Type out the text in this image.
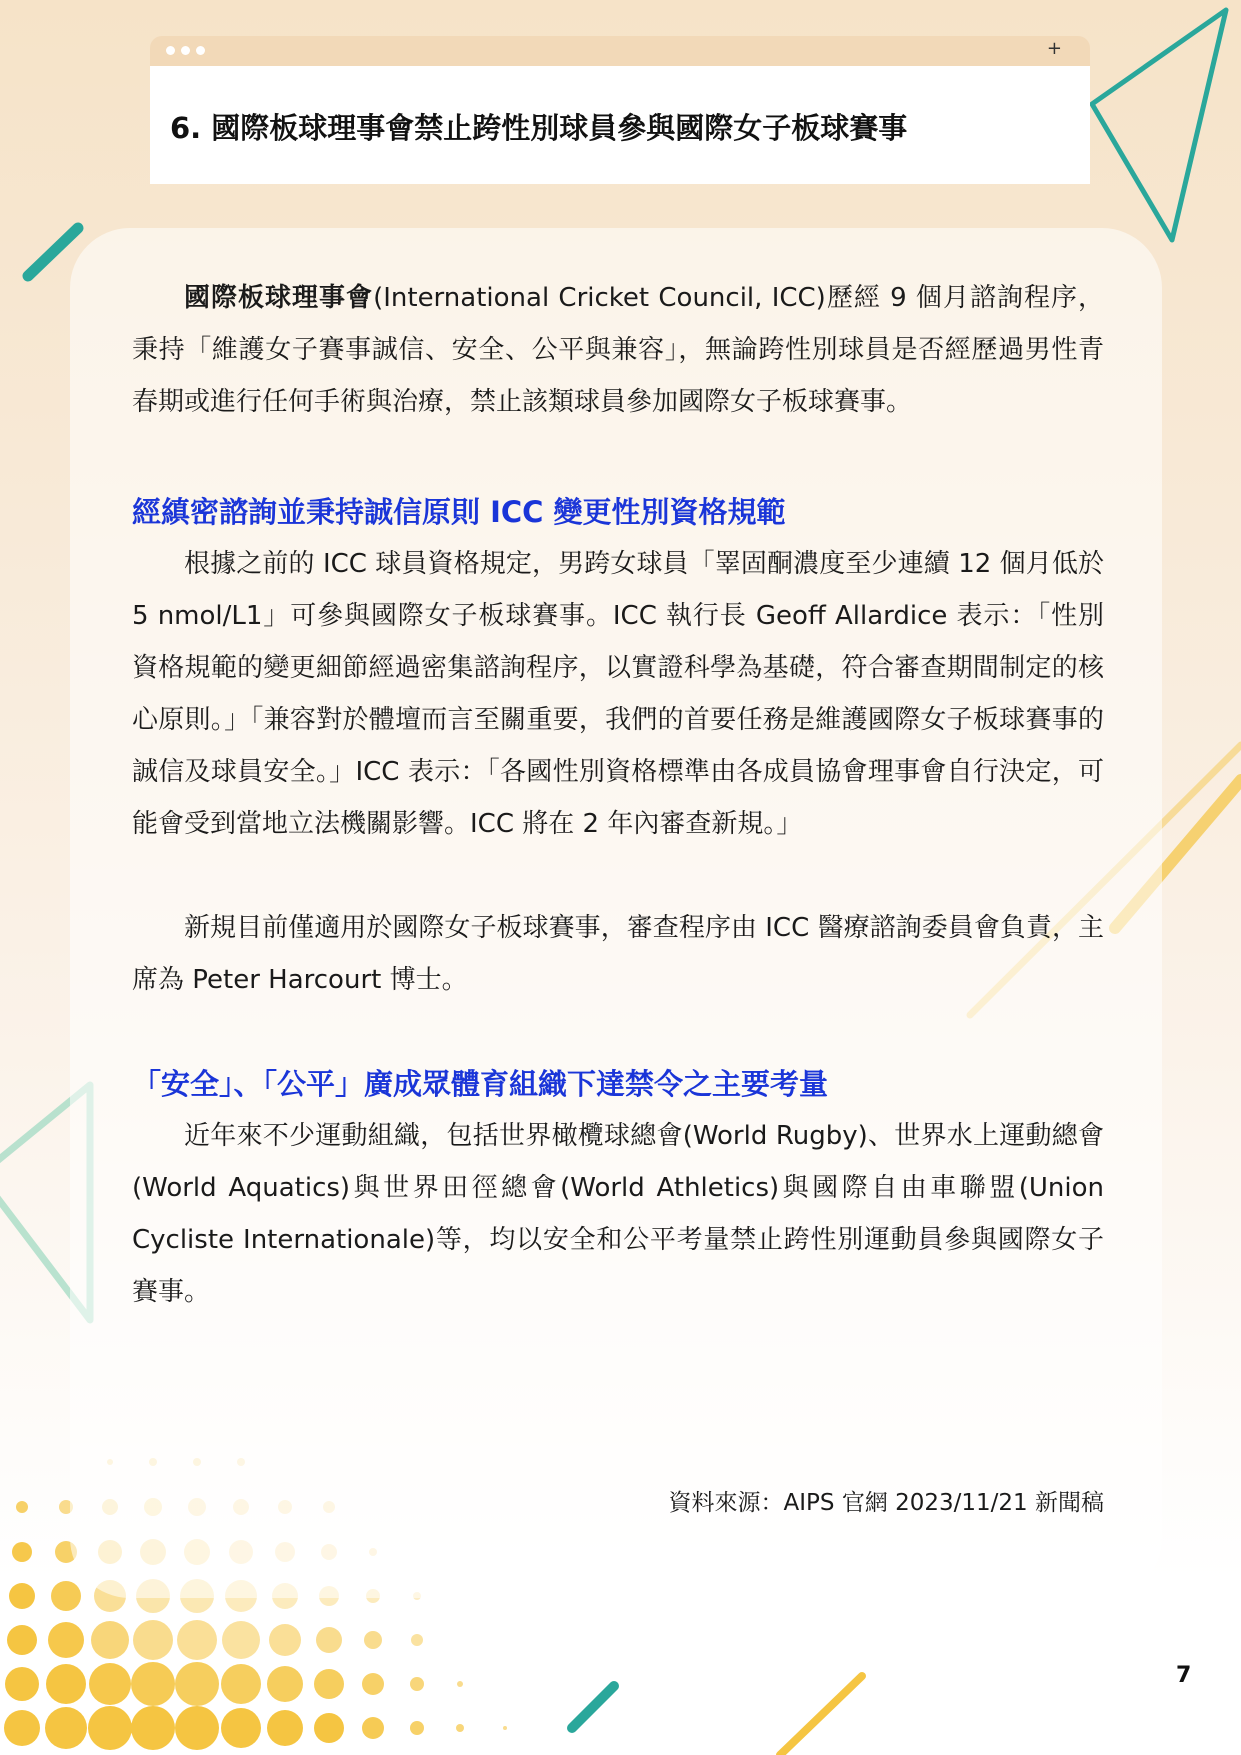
+
6. 國際板球理事會禁止跨性別球員參與國際女子板球賽事

國際板球理事會(International Cricket Council, ICC)歷經 9 個月諮詢程序，秉持「維護女子賽事誠信、安全、公平與兼容」，無論跨性別球員是否經歷過男性青春期或進行任何手術與治療，禁止該類球員參加國際女子板球賽事。

經縝密諮詢並秉持誠信原則 ICC 變更性別資格規範

根據之前的 ICC 球員資格規定，男跨女球員「睪固酮濃度至少連續 12 個月低於 5 nmol/L1」可參與國際女子板球賽事。ICC 執行長 Geoff Allardice 表示：「性別資格規範的變更細節經過密集諮詢程序，以實證科學為基礎，符合審查期間制定的核心原則。」「兼容對於體壇而言至關重要，我們的首要任務是維護國際女子板球賽事的誠信及球員安全。」ICC 表示：「各國性別資格標準由各成員協會理事會自行決定，可能會受到當地立法機關影響。ICC 將在 2 年內審查新規。」

新規目前僅適用於國際女子板球賽事，審查程序由 ICC 醫療諮詢委員會負責，主席為 Peter Harcourt 博士。

「安全」、「公平」廣成眾體育組織下達禁令之主要考量

近年來不少運動組織，包括世界橄欖球總會(World Rugby)、世界水上運動總會(World Aquatics)與世界田徑總會(World Athletics)與國際自由車聯盟(Union Cycliste Internationale)等，均以安全和公平考量禁止跨性別運動員參與國際女子賽事。

資料來源：AIPS 官網 2023/11/21 新聞稿
7
